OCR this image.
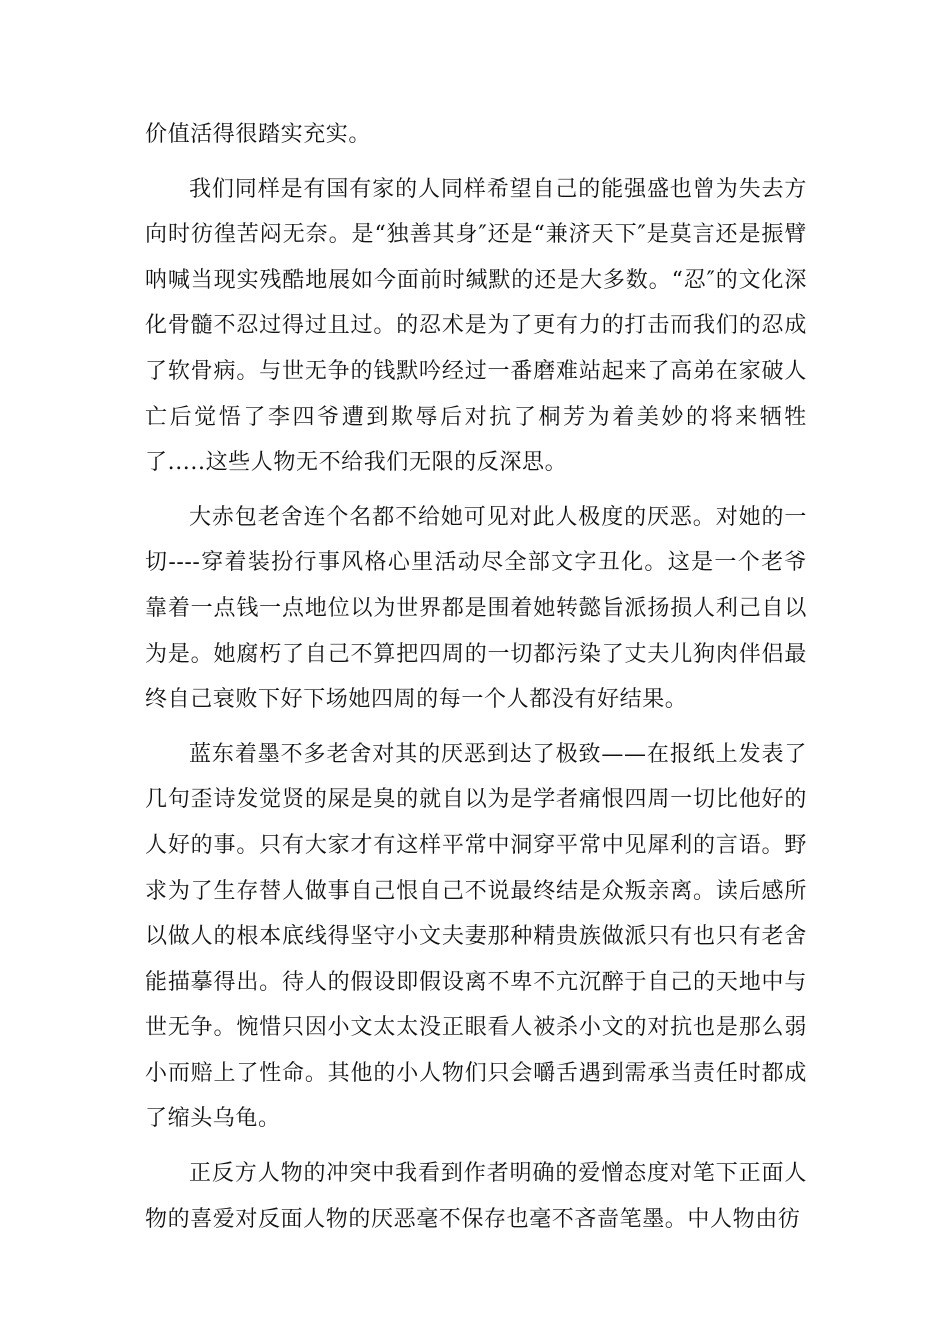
价值活得很踏实充实。

我们同样是有国有家的人同样希望自己的能强盛也曾为失去方向时彷徨苦闷无奈。是“独善其身″还是“兼济天下″是莫言还是振臂呐喊当现实残酷地展如今面前时缄默的还是大多数。“忍″的文化深化骨髓不忍过得过且过。的忍术是为了更有力的打击而我们的忍成了软骨病。与世无争的钱默吟经过一番磨难站起来了高弟在家破人亡后觉悟了李四爷遭到欺辱后对抗了桐芳为着美妙的将来牺牲了.....这些人物无不给我们无限的反深思。

大赤包老舍连个名都不给她可见对此人极度的厌恶。对她的一切----穿着装扮行事风格心里活动尽全部文字丑化。这是一个老爷靠着一点钱一点地位以为世界都是围着她转懿旨派扬损人利己自以为是。她腐朽了自己不算把四周的一切都污染了丈夫儿狗肉伴侣最终自己衰败下好下场她四周的每一个人都没有好结果。

蓝东着墨不多老舍对其的厌恶到达了极致——在报纸上发表了几句歪诗发觉贤的屎是臭的就自以为是学者痛恨四周一切比他好的人好的事。只有大家才有这样平常中洞穿平常中见犀利的言语。野求为了生存替人做事自己恨自己不说最终结是众叛亲离。读后感所以做人的根本底线得坚守小文夫妻那种精贵族做派只有也只有老舍能描摹得出。待人的假设即假设离不卑不亢沉醉于自己的天地中与世无争。惋惜只因小文太太没正眼看人被杀小文的对抗也是那么弱小而赔上了性命。其他的小人物们只会嚼舌遇到需承当责任时都成了缩头乌龟。

正反方人物的冲突中我看到作者明确的爱憎态度对笔下正面人物的喜爱对反面人物的厌恶毫不保存也毫不吝啬笔墨。中人物由彷
